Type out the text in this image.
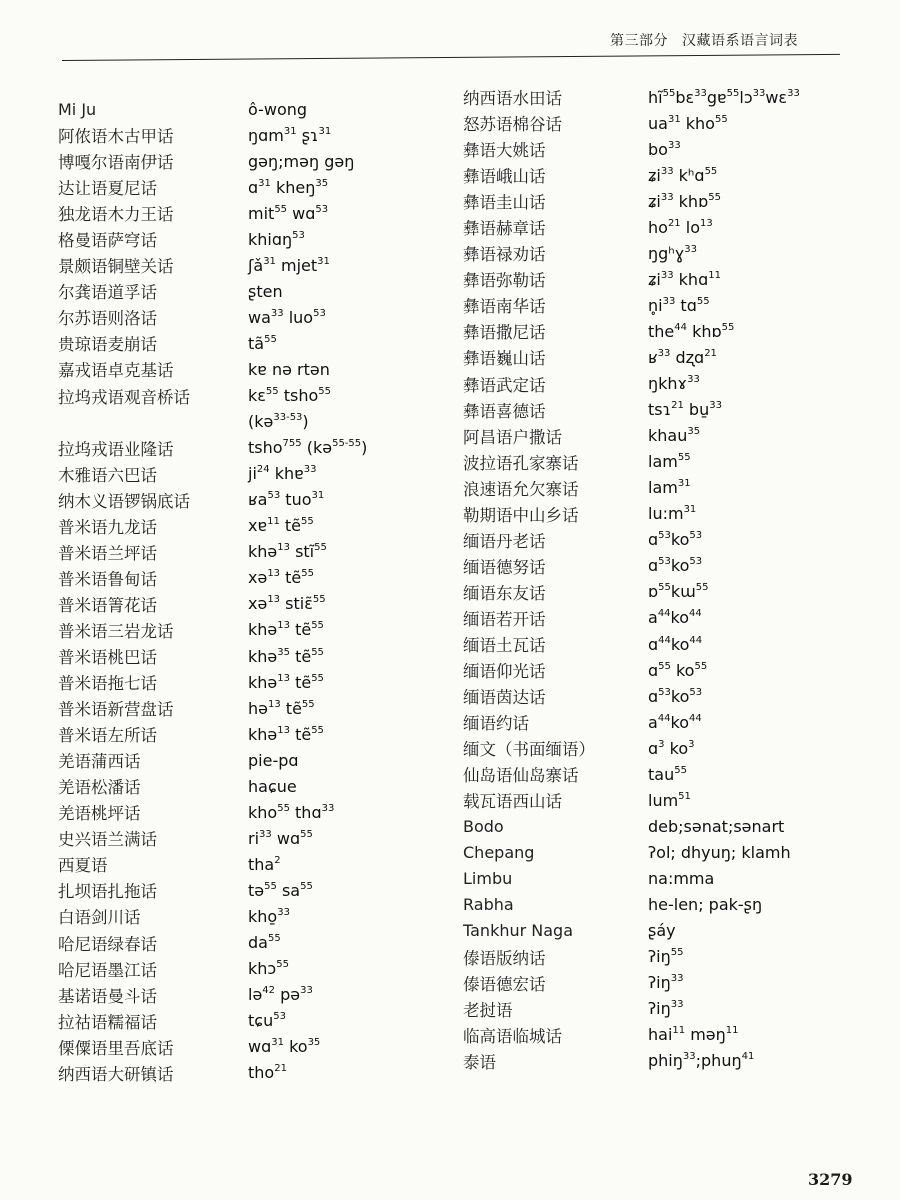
第三部分 汉藏语系语言词表
Mi Ju	ô-wong
阿侬语木古甲话	ŋɑm$^{31}$ ʂɿ$^{31}$
博嘎尔语南伊话	gəŋ;məŋ gəŋ
达让语夏尼话	ɑ$^{31}$ kheŋ$^{35}$
独龙语木力王话	mit$^{55}$ wɑ$^{53}$
格曼语萨穹话	khiɑŋ$^{53}$
景颇语铜壁关话	ʃǎ$^{31}$ mjet$^{31}$
尔龚语道孚话	ʂten
尔苏语则洛话	$wa^{33}$ luo$^{53}$
贵琼语麦崩话	$tã^{55}$
嘉戎语卓克基话	kɐ nə rtən
拉坞戎语观音桥话	kɛ$^{55}$ tsho$^{55}$
(kə$^{33-53}$)
拉坞戎语业隆话	tsho$^{755}$ (kə$^{55-55}$)
木雅语六巴话	$ji^{24}$ khɐ$^{33}$
纳木义语锣锅底话	ʁa$^{53}$ tuo$^{31}$
普米语九龙话	xɐ$^{11}$ tẽ$^{55}$
普米语兰坪话	khə$^{13}$ stĩ$^{55}$
普米语鲁甸话	xə$^{13}$ tẽ$^{55}$
普米语箐花话	xə$^{13}$ stiɛ̃$^{55}$
普米语三岩龙话	khə$^{13}$ tẽ$^{55}$
普米语桃巴话	khə$^{35}$ tẽ$^{55}$
普米语拖七话	khə$^{13}$ tẽ$^{55}$
普米语新营盘话	hə$^{13}$ tẽ$^{55}$
普米语左所话	khə$^{13}$ tẽ$^{55}$
羌语蒲西话	pie-pɑ
羌语松潘话	haɕue
羌语桃坪话	kho$^{55}$ thɑ$^{33}$
史兴语兰满话	$ri^{33}$ wɑ$^{55}$
西夏语	tha$^2$
扎坝语扎拖话	tə$^{55}$ $sa^{55}$
白语剑川话	kho̱$^{33}$
哈尼语绿春话	$da^{55}$
哈尼语墨江话	khɔ$^{55}$
基诺语曼斗话	lə$^{42}$ pə$^{33}$
拉祜语糯福话	tɕu$^{53}$
傈僳语里吾底话	wɑ$^{31}$ $ko^{35}$
纳西语大研镇话	tho$^{21}$
纳西语水田话	$hĩ^{55}bɛ^{33}gɐ^{55}lɔ^{33}wɛ^{33}$
怒苏语棉谷话	$ua^{31}$ kho$^{55}$
彝语大姚话	$bo^{33}$
彝语峨山话	ʑi$^{33}$ kʰɑ$^{55}$
彝语圭山话	ʑi$^{33}$ khɒ$^{55}$
彝语赫章话	$ho^{21}$ $lo^{13}$
彝语禄劝话	ŋgʰɣ$^{33}$
彝语弥勒话	ʑi$^{33}$ khɑ$^{11}$
彝语南华话	$n̥i^{33}$ tɑ$^{55}$
彝语撒尼话	the$^{44}$ khɒ$^{55}$
彝语巍山话	ʁ$^{33}$ dʐɑ$^{21}$
彝语武定话	ŋkhɤ$^{33}$
彝语喜德话	tsɿ$^{21}$ bu̱$^{33}$
阿昌语户撒话	khau$^{35}$
波拉语孔家寨话	lam$^{55}$
浪速语允欠寨话	lam$^{31}$
勒期语中山乡话	$lu:m^{31}$
缅语丹老话	$ɑ^{53}ko^{53}$
缅语德努话	$ɑ^{53}ko^{53}$
缅语东友话	ɒ$^{55}$kɯ$^{55}$
缅语若开话	$a^{44}ko^{44}$
缅语土瓦话	$ɑ^{44}ko^{44}$
缅语仰光话	ɑ$^{55}$ $ko^{55}$
缅语茵达话	$ɑ^{53}ko^{53}$
缅语约话	$a^{44}ko^{44}$
缅文（书面缅语）	ɑ$^3$ $ko^3$
仙岛语仙岛寨话	tau$^{55}$
载瓦语西山话	lum$^{51}$
Bodo	deb;sənat;sənart
Chepang	ʔol; dhyuŋ; klamh
Limbu	na:mma
Rabha	he-len; pak-ʂŋ
Tankhur Naga	ʂáy
傣语版纳话	ʔiŋ$^{55}$
傣语德宏话	ʔiŋ$^{33}$
老挝语	ʔiŋ$^{33}$
临高语临城话	hai$^{11}$ məŋ$^{11}$
泰语	phiŋ$^{33}$;phuŋ$^{41}$
3279
